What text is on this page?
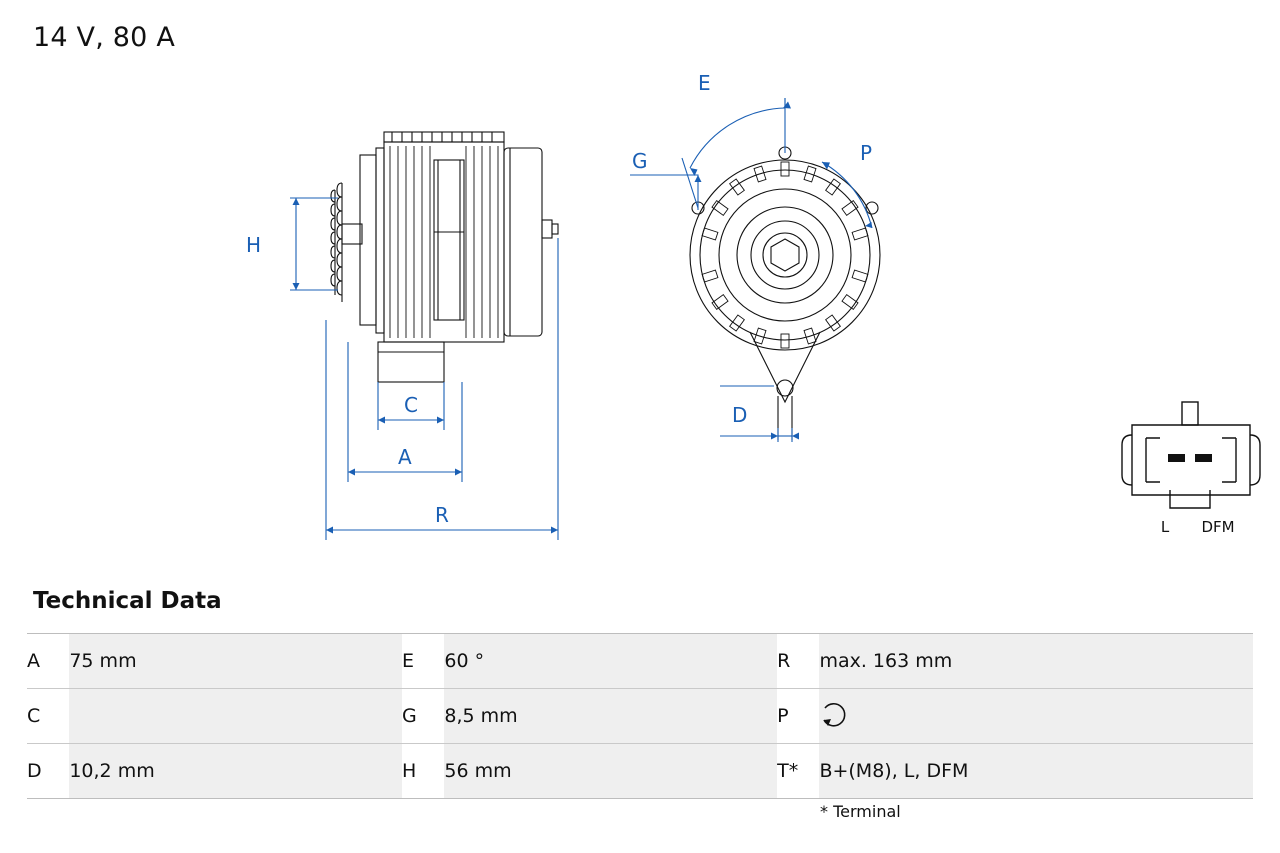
14 V, 80 A
H
C
A
R
E
G	P
D
L DFM
Technical Data
A	75 mm	E	60 °	R	max. 163 mm
C		G	8,5 mm	P	

D	10,2 mm	H	56 mm	T*	B+(M8), L, DFM
* Terminal
